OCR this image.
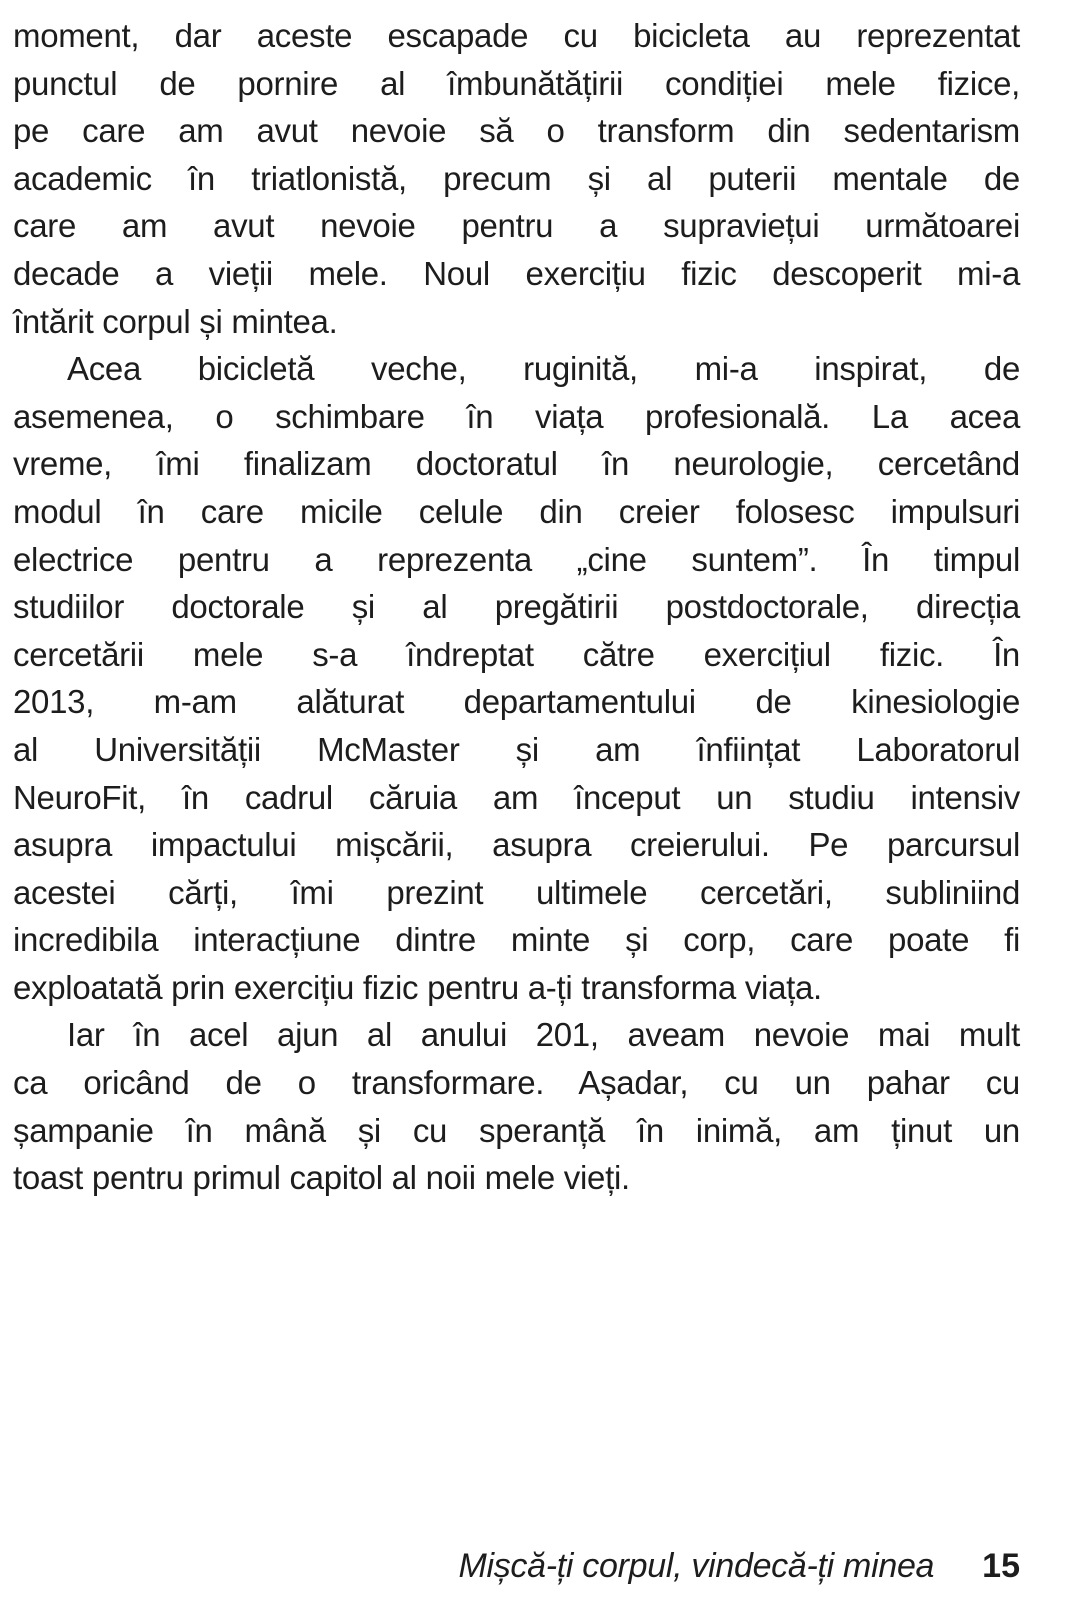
moment, dar aceste escapade cu bicicleta au reprezentat
punctul de pornire al îmbunătățirii condiției mele fizice,
pe care am avut nevoie să o transform din sedentarism
academic în triatlonistă, precum și al puterii mentale de
care am avut nevoie pentru a supraviețui următoarei
decade a vieții mele. Noul exercițiu fizic descoperit mi-a
întărit corpul și mintea.
Acea bicicletă veche, ruginită, mi-a inspirat, de
asemenea, o schimbare în viața profesională. La acea
vreme, îmi finalizam doctoratul în neurologie, cercetând
modul în care micile celule din creier folosesc impulsuri
electrice pentru a reprezenta „cine suntem”. În timpul
studiilor doctorale și al pregătirii postdoctorale, direcția
cercetării mele s-a îndreptat către exercițiul fizic. În
2013, m-am alăturat departamentului de kinesiologie
al Universității McMaster și am înființat Laboratorul
NeuroFit, în cadrul căruia am început un studiu intensiv
asupra impactului mișcării, asupra creierului. Pe parcursul
acestei cărți, îmi prezint ultimele cercetări, subliniind
incredibila interacțiune dintre minte și corp, care poate fi
exploatată prin exercițiu fizic pentru a-ți transforma viața.
Iar în acel ajun al anului 201, aveam nevoie mai mult
ca oricând de o transformare. Așadar, cu un pahar cu
șampanie în mână și cu speranță în inimă, am ținut un
toast pentru primul capitol al noii mele vieți.
Mișcă-ți corpul, vindecă-ți minea 15
